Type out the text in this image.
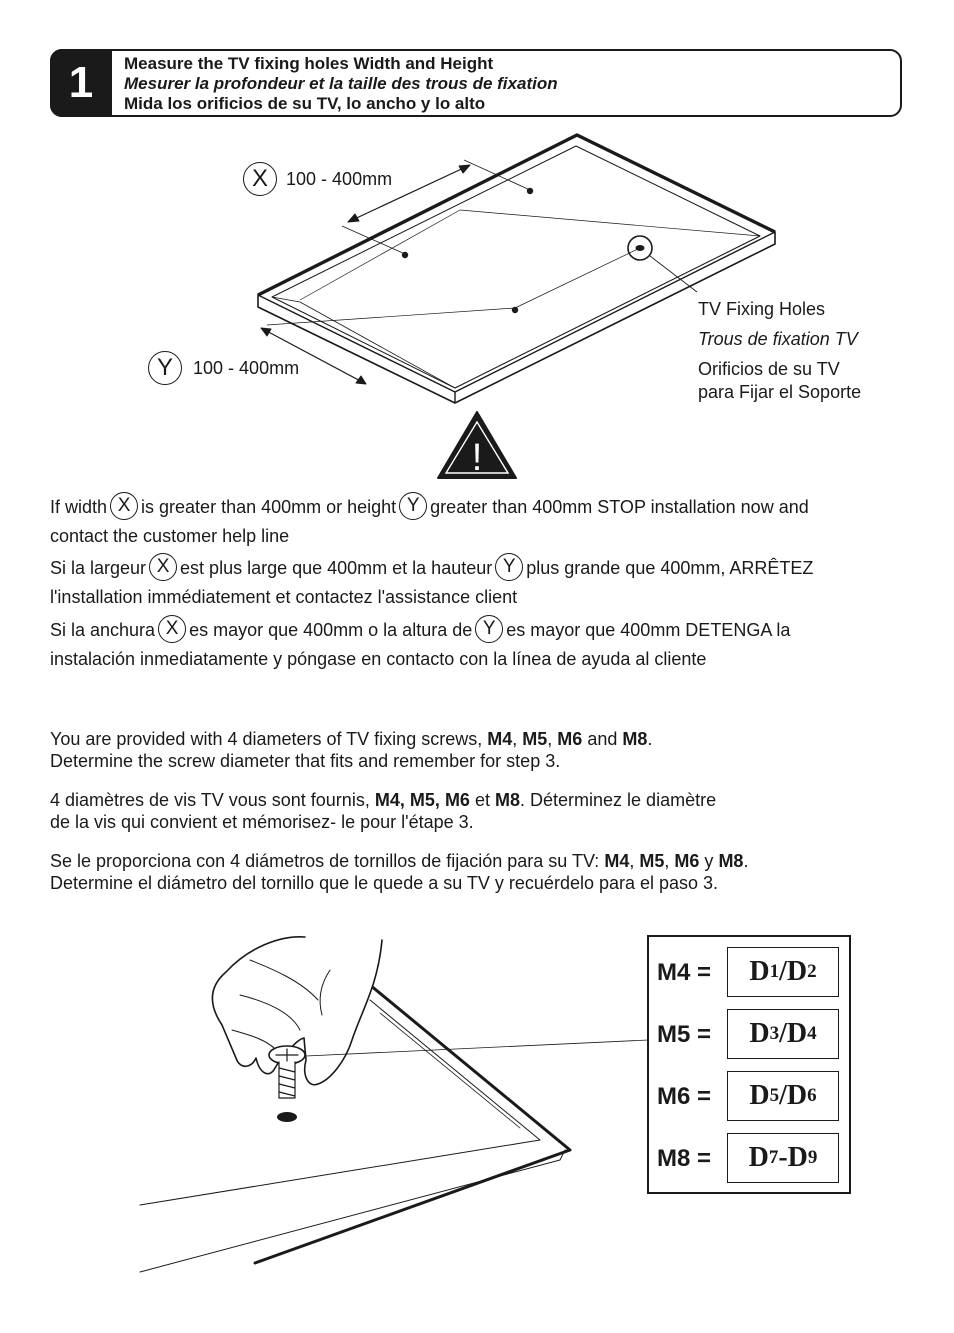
1	Measure the TV fixing holes Width and Height
Mesurer la profondeur et la taille des trous de fixation
Mida los orificios de su TV, lo ancho y lo alto
!
X 100 - 400mm
Y 100 - 400mm
TV Fixing Holes
Trous de fixation TV
Orificios de su TV
para Fijar el Soporte
If width X is greater than 400mm or height Y greater than 400mm STOP installation now and
contact the customer help line
Si la largeur X est plus large que 400mm et la hauteur Y plus grande que 400mm, ARRÊTEZ
l'installation immédiatement et contactez l'assistance client
Si la anchura X es mayor que 400mm o la altura de Y es mayor que 400mm DETENGA la
instalación inmediatamente y póngase en contacto con la línea de ayuda al cliente
You are provided with 4 diameters of TV fixing screws, M4, M5, M6 and M8.
Determine the screw diameter that fits and remember for step 3.
4 diamètres de vis TV vous sont fournis, M4, M5, M6 et M8. Déterminez le diamètre
de la vis qui convient et mémorisez- le pour l'étape 3.
Se le proporciona con 4 diámetros de tornillos de fijación para su TV: M4, M5, M6 y M8.
Determine el diámetro del tornillo que le quede a su TV y recuérdelo para el paso 3.
M4 = D 1 / D 2
M5 = D 3 / D 4
M6 = D 5 / D 6
M8 = D 7 - D 9
